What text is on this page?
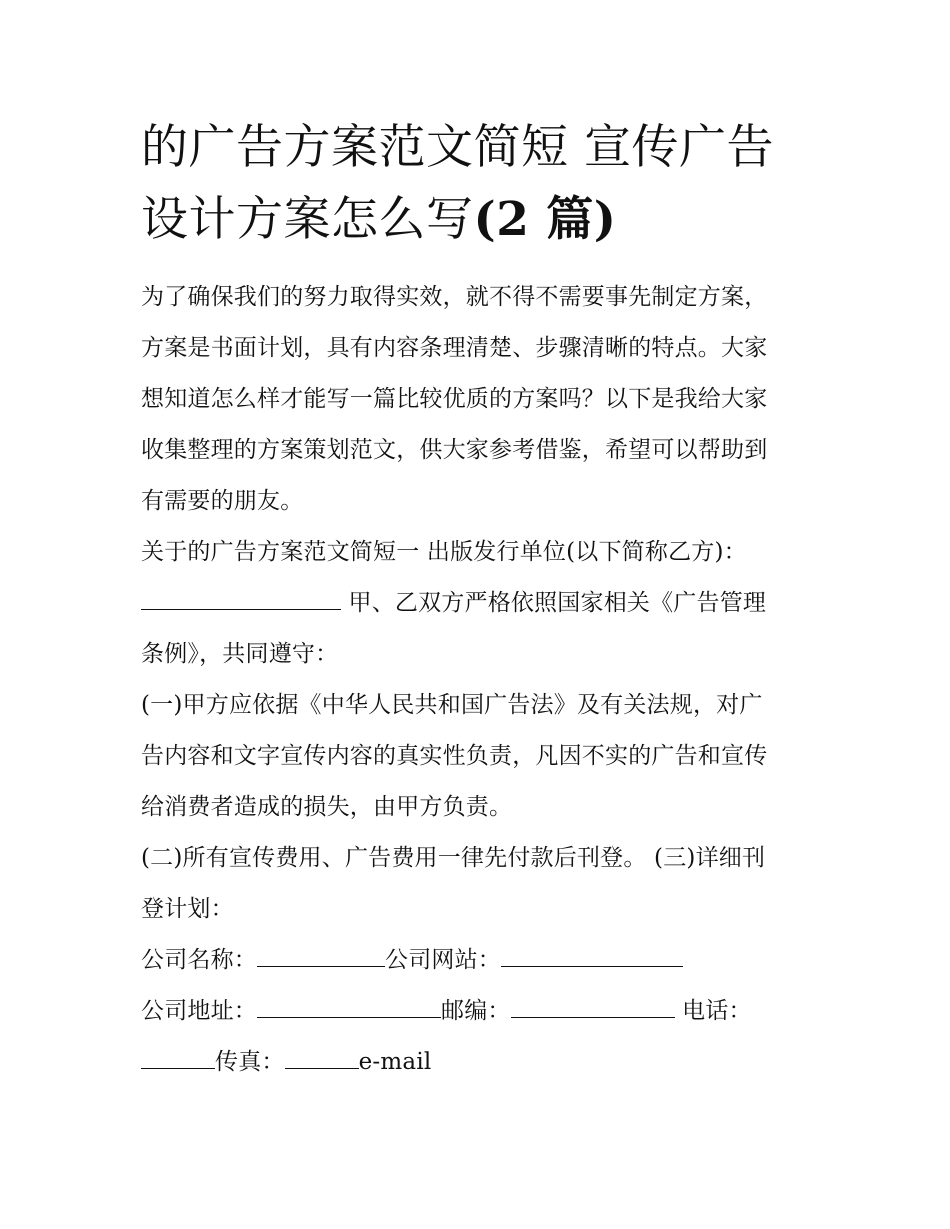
的广告方案范文简短 宣传广告
设计方案怎么写(2 篇)

为了确保我们的努力取得实效，就不得不需要事先制定方案，

方案是书面计划，具有内容条理清楚、步骤清晰的特点。大家

想知道怎么样才能写一篇比较优质的方案吗？以下是我给大家

收集整理的方案策划范文，供大家参考借鉴，希望可以帮助到

有需要的朋友。

关于的广告方案范文简短一 出版发行单位(以下简称乙方)：

甲、乙双方严格依照国家相关《广告管理

条例》，共同遵守：

(一)甲方应依据《中华人民共和国广告法》及有关法规，对广

告内容和文字宣传内容的真实性负责，凡因不实的广告和宣传

给消费者造成的损失，由甲方负责。

(二)所有宣传费用、广告费用一律先付款后刊登。 (三)详细刊

登计划：

公司名称：	公司网站：

公司地址：	邮编：	电话：

传真：	e-mail
